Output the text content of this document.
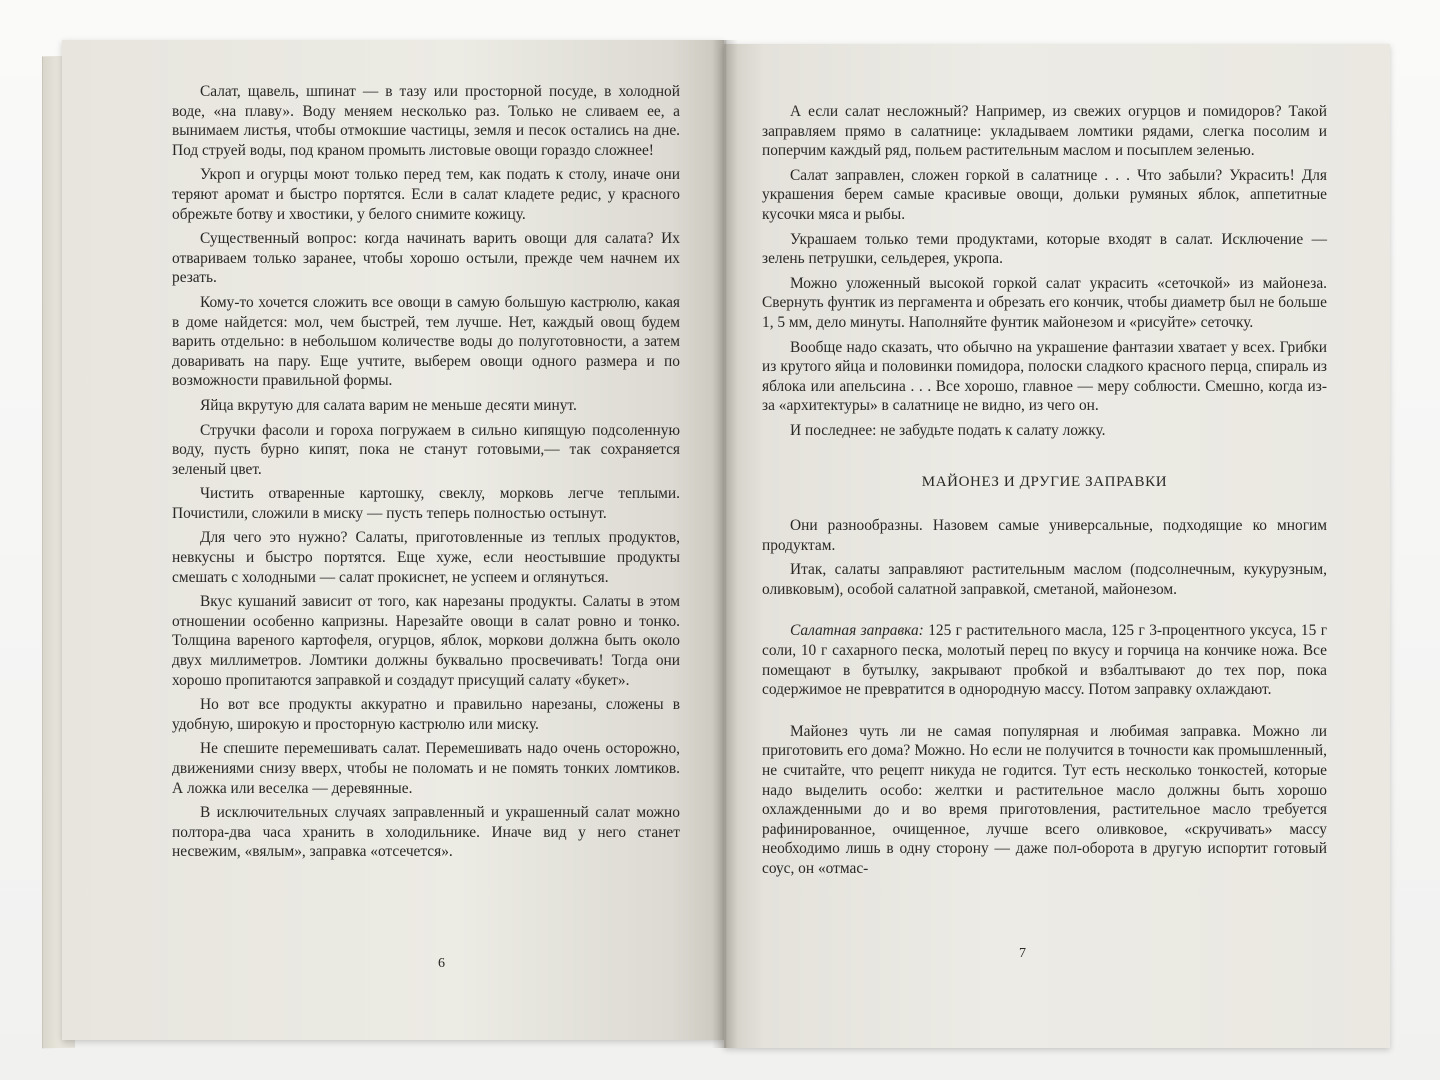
Салат, щавель, шпинат — в тазу или просторной посуде, в холодной воде, «на плаву». Воду меняем несколько раз. Только не сливаем ее, а вынимаем листья, чтобы отмокшие частицы, земля и песок остались на дне. Под струей воды, под краном промыть листовые овощи гораздо сложнее!

Укроп и огурцы моют только перед тем, как подать к столу, иначе они теряют аромат и быстро портятся. Если в салат кладете редис, у красного обрежьте ботву и хвостики, у белого снимите кожицу.

Существенный вопрос: когда начинать варить овощи для салата? Их отвариваем только заранее, чтобы хорошо остыли, прежде чем начнем их резать.

Кому-то хочется сложить все овощи в самую большую кастрюлю, какая в доме найдется: мол, чем быстрей, тем лучше. Нет, каждый овощ будем варить отдельно: в небольшом количестве воды до полуготовности, а затем доваривать на пару. Еще учтите, выберем овощи одного размера и по возможности правильной формы.

Яйца вкрутую для салата варим не меньше десяти минут.

Стручки фасоли и гороха погружаем в сильно кипящую подсоленную воду, пусть бурно кипят, пока не станут готовыми,— так сохраняется зеленый цвет.

Чистить отваренные картошку, свеклу, морковь легче теплыми. Почистили, сложили в миску — пусть теперь полностью остынут.

Для чего это нужно? Салаты, приготовленные из теплых продуктов, невкусны и быстро портятся. Еще хуже, если неостывшие продукты смешать с холодными — салат прокиснет, не успеем и оглянуться.

Вкус кушаний зависит от того, как нарезаны продукты. Салаты в этом отношении особенно капризны. Нарезайте овощи в салат ровно и тонко. Толщина вареного картофеля, огурцов, яблок, моркови должна быть около двух миллиметров. Ломтики должны буквально просвечивать! Тогда они хорошо пропитаются заправкой и создадут присущий салату «букет».

Но вот все продукты аккуратно и правильно нарезаны, сложены в удобную, широкую и просторную кастрюлю или миску.

Не спешите перемешивать салат. Перемешивать надо очень осторожно, движениями снизу вверх, чтобы не поломать и не помять тонких ломтиков. А ложка или веселка — деревянные.

В исключительных случаях заправленный и украшенный салат можно полтора-два часа хранить в холодильнике. Иначе вид у него станет несвежим, «вялым», заправка «отсечется».

6

А если салат несложный? Например, из свежих огурцов и помидоров? Такой заправляем прямо в салатнице: укладываем ломтики рядами, слегка посолим и поперчим каждый ряд, польем растительным маслом и посыплем зеленью.

Салат заправлен, сложен горкой в салатнице . . . Что забыли? Украсить! Для украшения берем самые красивые овощи, дольки румяных яблок, аппетитные кусочки мяса и рыбы.

Украшаем только теми продуктами, которые входят в салат. Исключение — зелень петрушки, сельдерея, укропа.

Можно уложенный высокой горкой салат украсить «сеточкой» из майонеза. Свернуть фунтик из пергамента и обрезать его кончик, чтобы диаметр был не больше 1, 5 мм, дело минуты. Наполняйте фунтик майонезом и «рисуйте» сеточку.

Вообще надо сказать, что обычно на украшение фантазии хватает у всех. Грибки из крутого яйца и половинки помидора, полоски сладкого красного перца, спираль из яблока или апельсина . . . Все хорошо, главное — меру соблюсти. Смешно, когда из-за «архитектуры» в салатнице не видно, из чего он.

И последнее: не забудьте подать к салату ложку.

МАЙОНЕЗ И ДРУГИЕ ЗАПРАВКИ

Они разнообразны. Назовем самые универсальные, подходящие ко многим продуктам.

Итак, салаты заправляют растительным маслом (подсолнечным, кукурузным, оливковым), особой салатной заправкой, сметаной, майонезом.

Салатная заправка: 125 г растительного масла, 125 г 3-процентного уксуса, 15 г соли, 10 г сахарного песка, молотый перец по вкусу и горчица на кончике ножа. Все помещают в бутылку, закрывают пробкой и взбалтывают до тех пор, пока содержимое не превратится в однородную массу. Потом заправку охлаждают.

Майонез чуть ли не самая популярная и любимая заправка. Можно ли приготовить его дома? Можно. Но если не получится в точности как промышленный, не считайте, что рецепт никуда не годится. Тут есть несколько тонкостей, которые надо выделить особо: желтки и растительное масло должны быть хорошо охлажденными до и во время приготовления, растительное масло требуется рафинированное, очищенное, лучше всего оливковое, «скручивать» массу необходимо лишь в одну сторону — даже пол-оборота в другую испортит готовый соус, он «отмас-

7
